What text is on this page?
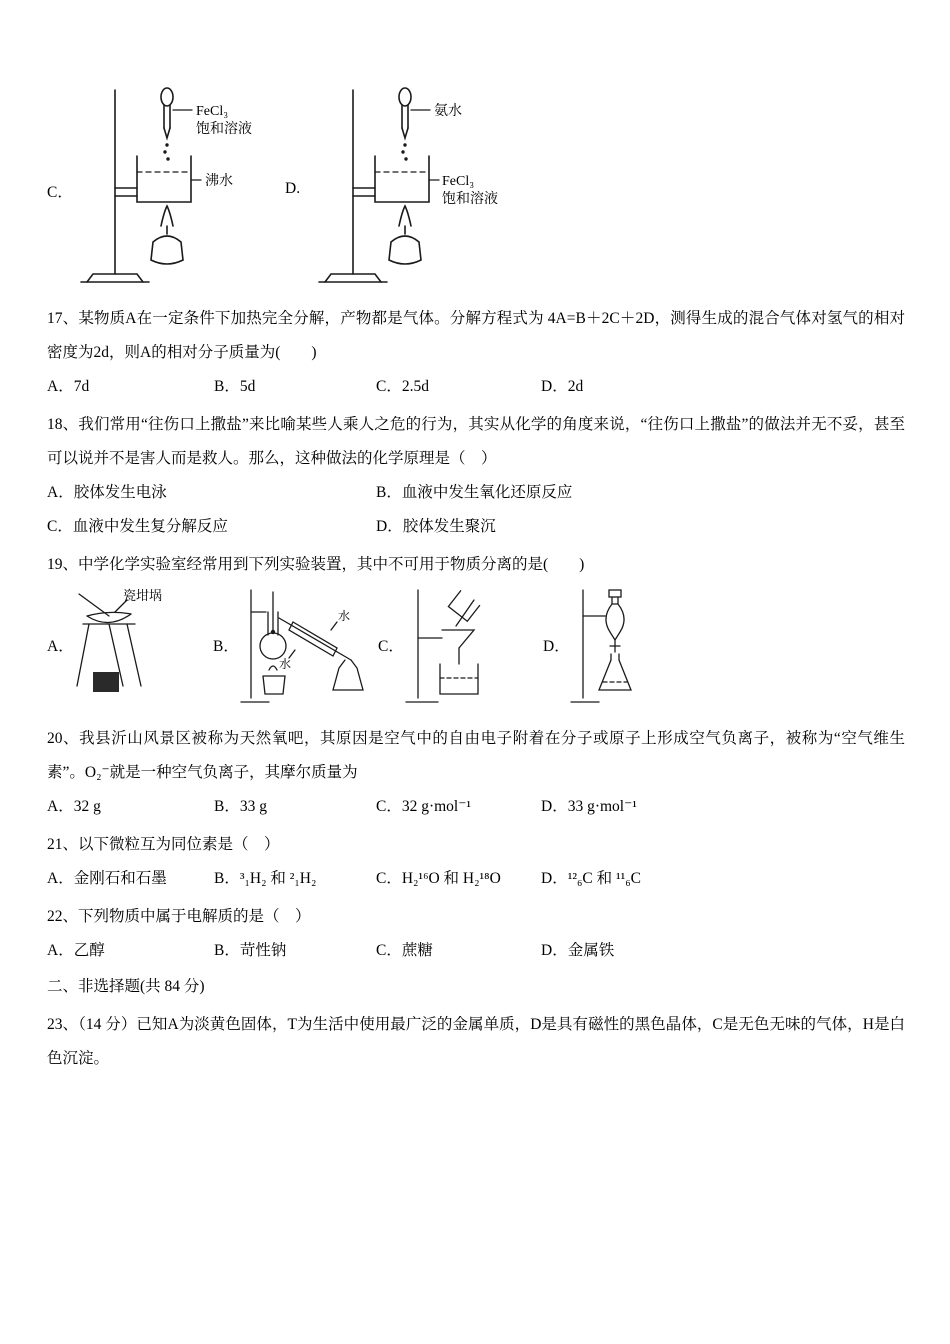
C．
FeCl₃
饱和溶液
沸水	D.
氨水
FeCl₃
饱和溶液

17、某物质A在一定条件下加热完全分解，产物都是气体。分解方程式为 4A=B＋2C＋2D，测得生成的混合气体对氢气的相对密度为2d，则A的相对分子质量为(　　)

A．7d	B．5d	C．2.5d	D．2d

18、我们常用“往伤口上撒盐”来比喻某些人乘人之危的行为，其实从化学的角度来说，“往伤口上撒盐”的做法并无不妥，甚至可以说并不是害人而是救人。那么，这种做法的化学原理是（　）

A．胶体发生电泳	B．血液中发生氧化还原反应
C．血液中发生复分解反应	D．胶体发生聚沉

19、中学化学实验室经常用到下列实验装置，其中不可用于物质分离的是(　　)

A．
瓷坩埚
B．
水
水
C．	D．

20、我县沂山风景区被称为天然氧吧，其原因是空气中的自由电子附着在分子或原子上形成空气负离子，被称为“空气维生素”。O₂⁻就是一种空气负离子，其摩尔质量为

A．32 g	B．33 g	C．32 g·mol⁻¹	D．33 g·mol⁻¹

21、以下微粒互为同位素是（　）

A．金刚石和石墨	B．³₁H₂ 和 ²₁H₂	C．H₂¹⁶O 和 H₂¹⁸O	D．¹²₆C 和 ¹¹₆C

22、下列物质中属于电解质的是（　）

A．乙醇	B．苛性钠	C．蔗糖	D．金属铁

二、非选择题(共 84 分)

23、（14 分）已知A为淡黄色固体，T为生活中使用最广泛的金属单质，D是具有磁性的黑色晶体，C是无色无味的气体，H是白色沉淀。
